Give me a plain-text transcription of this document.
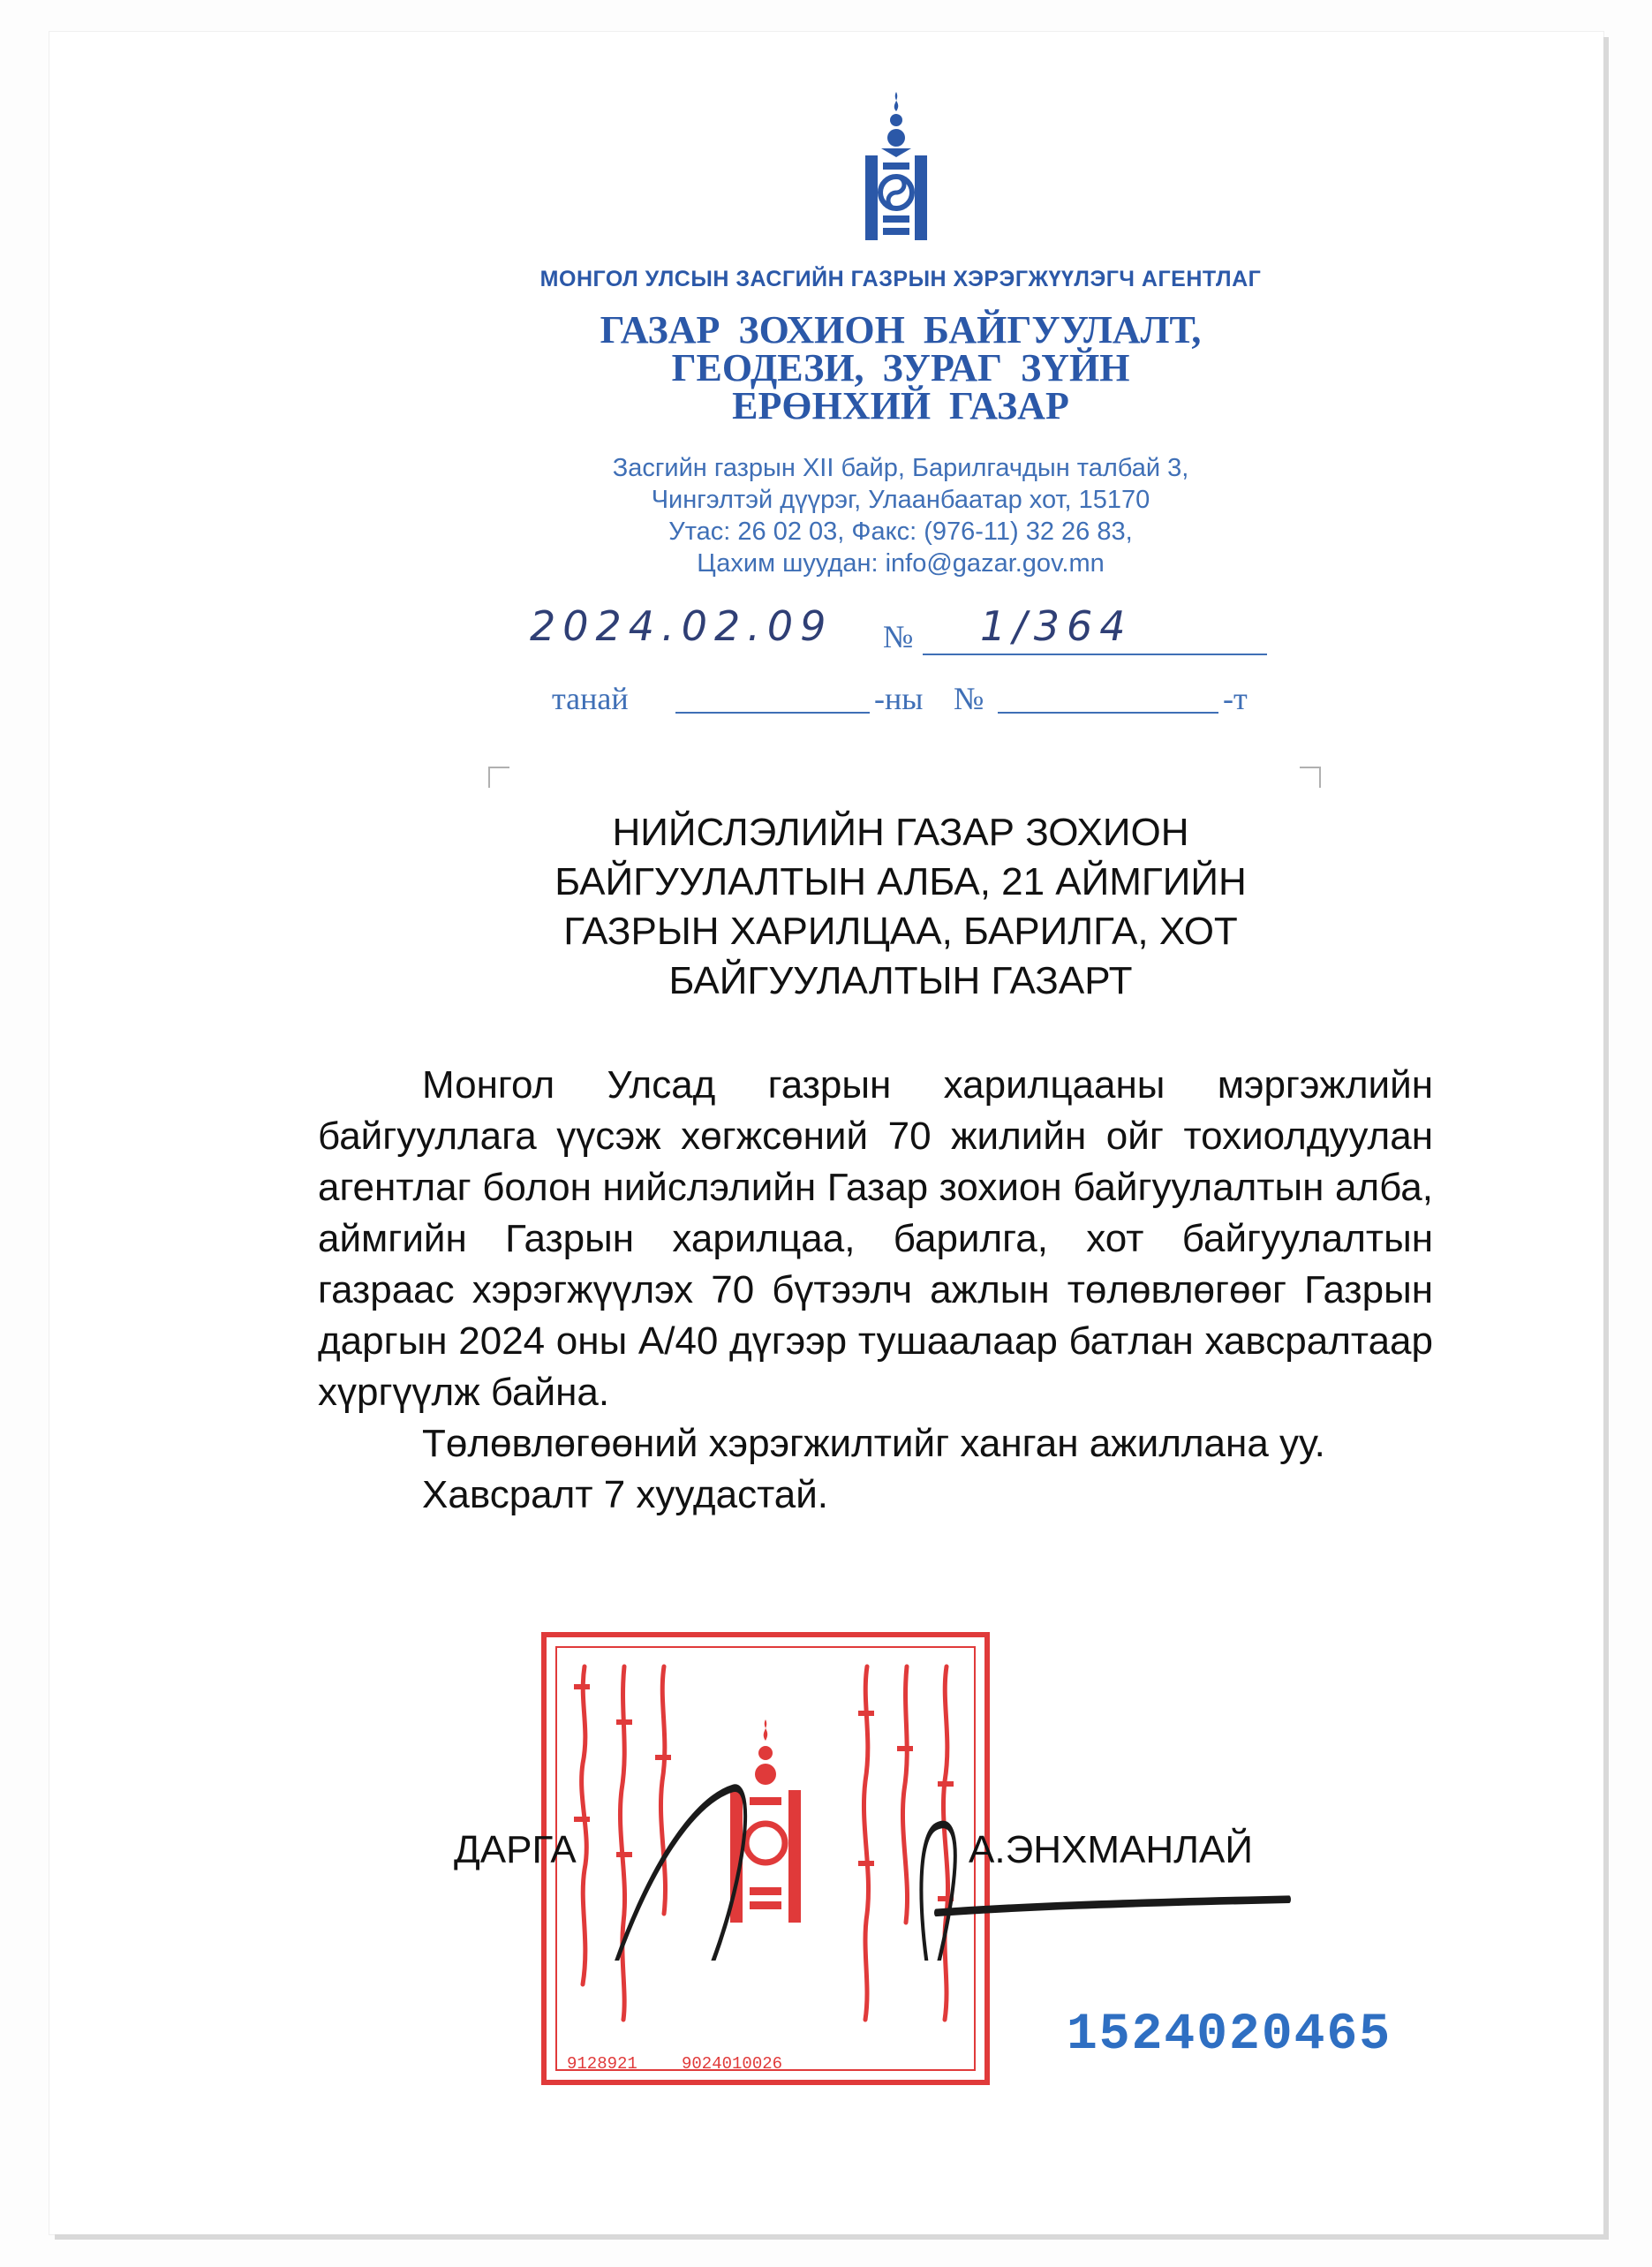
МОНГОЛ УЛСЫН ЗАСГИЙН ГАЗРЫН ХЭРЭГЖҮҮЛЭГЧ АГЕНТЛАГ
ГАЗАР ЗОХИОН БАЙГУУЛАЛТ,
ГЕОДЕЗИ, ЗУРАГ ЗҮЙН
ЕРӨНХИЙ ГАЗАР
Засгийн газрын XII байр, Барилгачдын талбай 3,
Чингэлтэй дүүрэг, Улаанбаатар хот, 15170
Утас: 26 02 03, Факс: (976-11) 32 26 83,
Цахим шуудан: info@gazar.gov.mn
2024.02.09 № 1/364
танай	-ны №	-т
НИЙСЛЭЛИЙН ГАЗАР ЗОХИОН
БАЙГУУЛАЛТЫН АЛБА, 21 АЙМГИЙН
ГАЗРЫН ХАРИЛЦАА, БАРИЛГА, ХОТ
БАЙГУУЛАЛТЫН ГАЗАРТ

Монгол Улсад газрын харилцааны мэргэжлийн байгууллага үүсэж хөгжсөний 70 жилийн ойг тохиолдуулан агентлаг болон нийслэлийн Газар зохион байгуулалтын алба, аймгийн Газрын харилцаа, барилга, хот байгуулалтын газраас хэрэгжүүлэх 70 бүтээлч ажлын төлөвлөгөөг Газрын даргын 2024 оны А/40 дүгээр тушаалаар батлан хавсралтаар хүргүүлж байна.

Төлөвлөгөөний хэрэгжилтийг ханган ажиллана уу.

Хавсралт 7 хуудастай.

9128921	9024010026
ДАРГА	А.ЭНХМАНЛАЙ
1524020465
